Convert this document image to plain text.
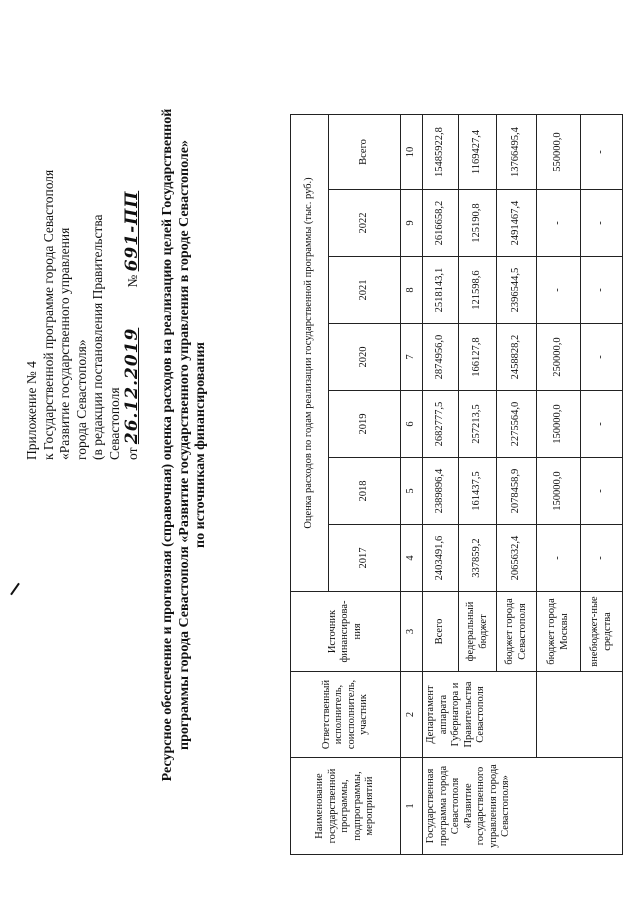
Приложение № 4 к Государственной программе города Севастополя «Развитие государственного управления города Севастополя» (в редакции постановления Правительства Севастополя от 26.12.2019
№ 691-ПП Ресурсное обеспечение и прогнозная (справочная) оценка расходов на реализацию целей Государственной программы города Севастополя «Развитие государственного управления в городе Севастополе» по источникам финансирования
Наименование государственной программы, подпрограммы, мероприятий	Ответственный исполнитель, соисполнитель, участник	Источник финансирова-ния	Оценка расходов по годам реализации государственной программы (тыс. руб.)						
			2017	2018	2019	2020	2021	2022	Всего
1	2	3	4	5	6	7	8	9	10
Государственная программа города Севастополя «Развитие государственного управления города Севастополя»	Департамент аппарата Губернатора и Правительства Севастополя	Всего	2403491,6	2389896,4	2682777,5	2874956,0	2518143,1	2616658,2	15485922,8
		федеральный бюджет	337859,2	161437,5	257213,5	166127,8	121598,6	125190,8	1169427,4
		бюджет города Севастополя	2065632,4	2078458,9	2275564,0	2458828,2	2396544,5	2491467,4	13766495,4
		бюджет города Москвы	-	150000,0	150000,0	250000,0	-	-	550000,0
		внебюджет-ные средства	-	-	-	-	-	-	-
